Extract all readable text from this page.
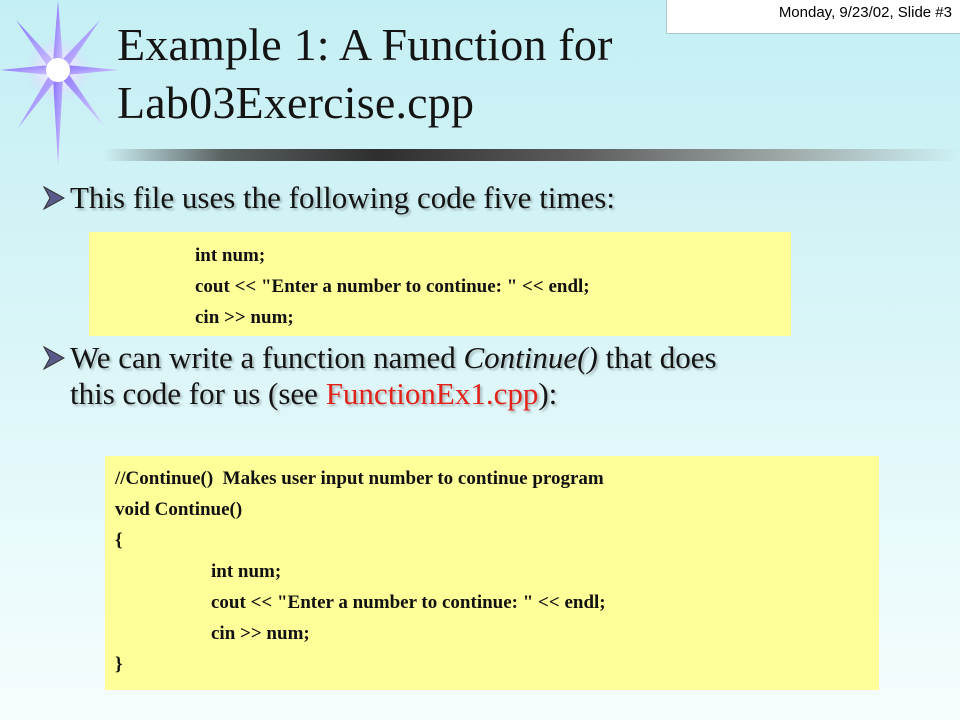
Monday, 9/23/02, Slide #3
Example 1: A Function for
Lab03Exercise.cpp
This file uses the following code five times:
int num;
cout << "Enter a number to continue: " << endl;
cin >> num;
We can write a function named Continue() that does
this code for us (see FunctionEx1.cpp):
//Continue()  Makes user input number to continue program
void Continue()
{
int num;
cout << "Enter a number to continue: " << endl;
cin >> num;
}
